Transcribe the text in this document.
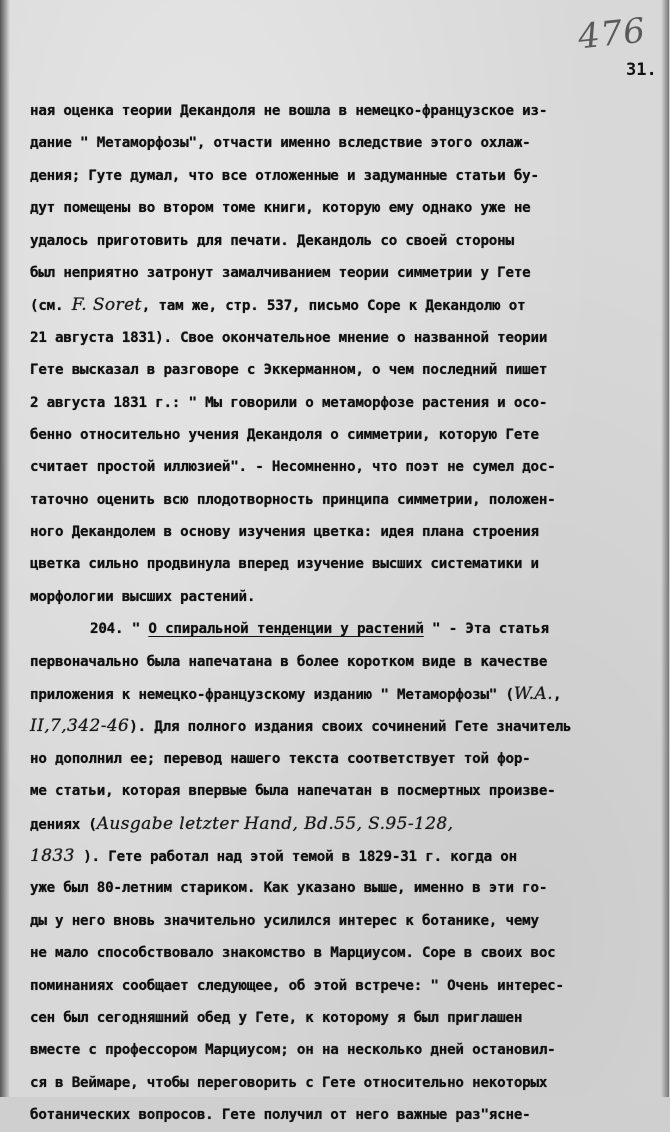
476
31.
ная оценка теории Декандоля не вошла в немецко-французское из-
дание " Метаморфозы", отчасти именно вследствие этого охлаж-
дения; Гуте думал, что все отложенные и задуманные статьи бу-
дут помещены во втором томе книги, которую ему однако уже не
удалось приготовить для печати. Декандоль со своей стороны
был неприятно затронут замалчиванием теории симметрии у Гете
(см. F. Soret, там же, стр. 537, письмо Соре к Декандолю от
21 августа 1831). Свое окончательное мнение о названной теории
Гете высказал в разговоре с Эккерманном, о чем последний пишет
2 августа 1831 г.: " Мы говорили о метаморфозе растения и осо-
бенно относительно учения Декандоля о симметрии, которую Гете
считает простой иллюзией". - Несомненно, что поэт не сумел дос-
таточно оценить всю плодотворность принципа симметрии, положен-
ного Декандолем в основу изучения цветка: идея плана строения
цветка сильно продвинула вперед изучение высших систематики и
морфологии высших растений.
204. " О спиральной тенденции у растений " - Эта статья
первоначально была напечатана в более коротком виде в качестве
приложения к немецко-французскому изданию " Метаморфозы" (W.A.,
II,7,342-46). Для полного издания своих сочинений Гете значитель
но дополнил ее; перевод нашего текста соответствует той фор-
ме статьи, которая впервые была напечатан в посмертных произве-
дениях (Ausgabe letzter Hand, Bd.55, S.95-128,
1833 ). Гете работал над этой темой в 1829-31 г. когда он
уже был 80-летним стариком. Как указано выше, именно в эти го-
ды у него вновь значительно усилился интерес к ботанике, чему
не мало способствовало знакомство в Марциусом. Соре в своих вос
поминаниях сообщает следующее, об этой встрече: " Очень интерес-
сен был сегодняшний обед у Гете, к которому я был приглашен
вместе с профессором Марциусом; он на несколько дней остановил-
ся в Веймаре, чтобы переговорить с Гете относительно некоторых
ботанических вопросов. Гете получил от него важные раз"ясне-
